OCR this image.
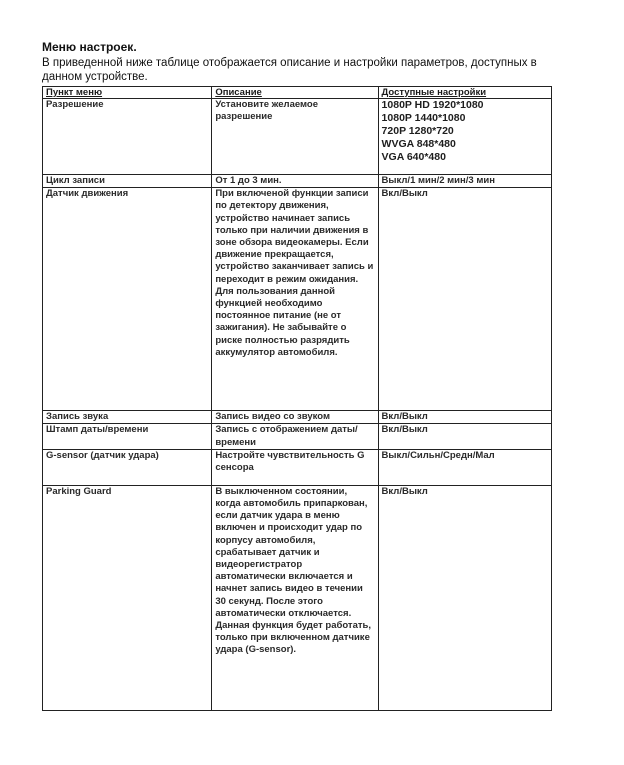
Меню настроек.
В приведенной ниже таблице отображается описание и настройки параметров, доступных в данном устройстве.
Пункт меню	Описание	Доступные настройки
Разрешение	Установите желаемое разрешение	1080P HD 1920*1080
1080P 1440*1080
720P 1280*720
WVGA 848*480
VGA 640*480

Цикл записи	От 1 до 3 мин.	Выкл/1 мин/2 мин/3 мин
Датчик движения	При включеной функции записи по детектору движения, устройство начинает запись только при наличии движения в зоне обзора видеокамеры. Если движение прекращается, устройство заканчивает запись и переходит в режим ожидания. Для пользования данной функцией необходимо постоянное питание (не от зажигания). Не забывайте о риске полностью разрядить аккумулятор автомобиля.	Вкл/Выкл
Запись звука	Запись видео со звуком	Вкл/Выкл
Штамп даты/времени	Запись с отображением даты/времени	Вкл/Выкл
G-sensor (датчик удара)	Настройте чувствительность G сенсора	Выкл/Сильн/Средн/Мал
Parking Guard	В выключенном состоянии, когда автомобиль припаркован, если датчик удара в меню включен и происходит удар по корпусу автомобиля, срабатывает датчик и видеорегистратор автоматически включается и начнет запись видео в течении 30 секунд. После этого автоматически отключается. Данная функция будет работать, только при включенном датчике удара (G-sensor).	Вкл/Выкл
